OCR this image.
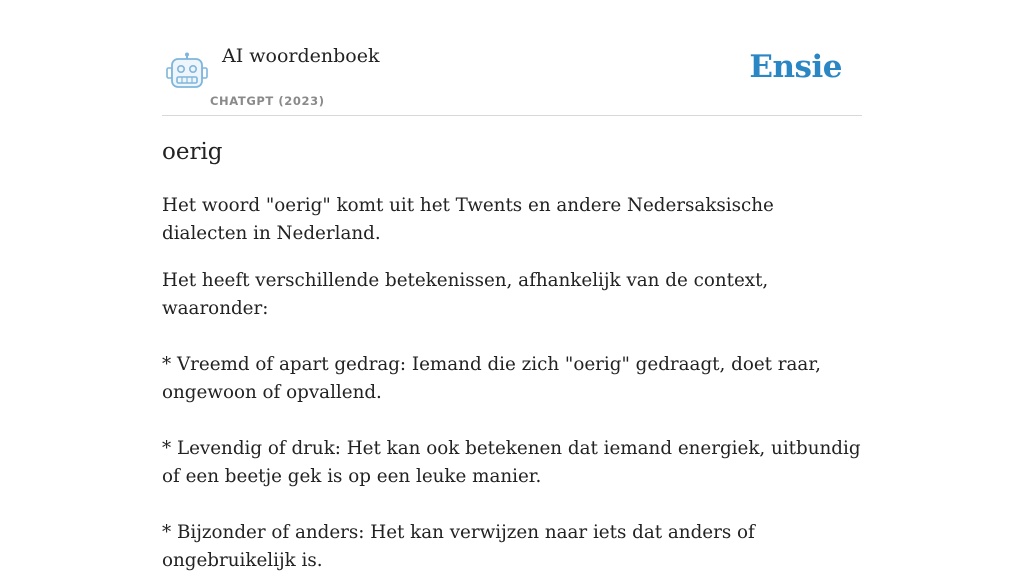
AI woordenboek
CHATGPT (2023)
Ensie
oerig

Het woord "oerig" komt uit het Twents en andere Nedersaksische dialecten in Nederland.

Het heeft verschillende betekenissen, afhankelijk van de context, waaronder:

* Vreemd of apart gedrag: Iemand die zich "oerig" gedraagt, doet raar, ongewoon of opvallend.

* Levendig of druk: Het kan ook betekenen dat iemand energiek, uitbundig of een beetje gek is op een leuke manier.

* Bijzonder of anders: Het kan verwijzen naar iets dat anders of ongebruikelijk is.
